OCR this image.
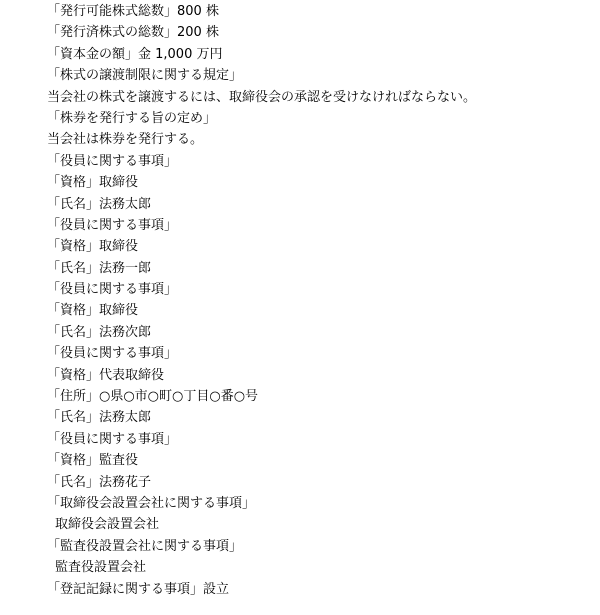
「発行可能株式総数」800 株
「発行済株式の総数」200 株
「資本金の額」金 1,000 万円
「株式の譲渡制限に関する規定」
当会社の株式を譲渡するには、取締役会の承認を受けなければならない。
「株券を発行する旨の定め」
当会社は株券を発行する。
「役員に関する事項」
「資格」取締役
「氏名」法務太郎
「役員に関する事項」
「資格」取締役
「氏名」法務一郎
「役員に関する事項」
「資格」取締役
「氏名」法務次郎
「役員に関する事項」
「資格」代表取締役
「住所」○県○市○町○丁目○番○号
「氏名」法務太郎
「役員に関する事項」
「資格」監査役
「氏名」法務花子
「取締役会設置会社に関する事項」
取締役会設置会社
「監査役設置会社に関する事項」
監査役設置会社
「登記記録に関する事項」設立
